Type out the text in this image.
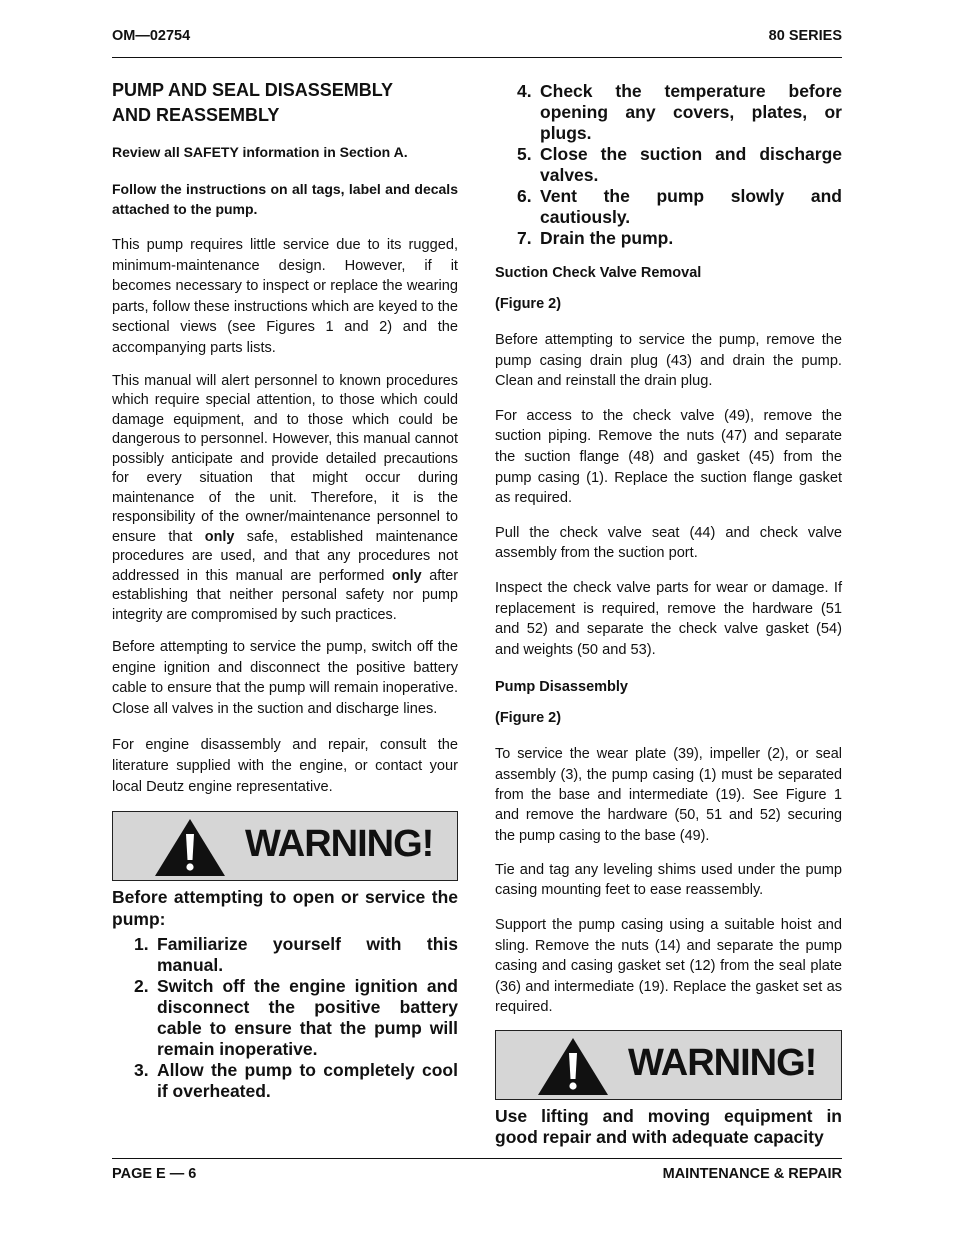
OM—02754	80 SERIES
PUMP AND SEAL DISASSEMBLY
AND REASSEMBLY

Review all SAFETY information in Section A.

Follow the instructions on all tags, label and decals attached to the pump.

This pump requires little service due to its rugged, minimum-maintenance design. However, if it becomes necessary to inspect or replace the wearing parts, follow these instructions which are keyed to the sectional views (see Figures 1 and 2) and the accompanying parts lists.

This manual will alert personnel to known procedures which require special attention, to those which could damage equipment, and to those which could be dangerous to personnel. However, this manual cannot possibly anticipate and provide detailed precautions for every situation that might occur during maintenance of the unit. Therefore, it is the responsibility of the owner/maintenance personnel to ensure that only safe, established maintenance procedures are used, and that any procedures not addressed in this manual are performed only after establishing that neither personal safety nor pump integrity are compromised by such practices.

Before attempting to service the pump, switch off the engine ignition and disconnect the positive battery cable to ensure that the pump will remain inoperative. Close all valves in the suction and discharge lines.

For engine disassembly and repair, consult the literature supplied with the engine, or contact your local Deutz engine representative.

WARNING!

Before attempting to open or service the pump:

1. Familiarize yourself with this manual.
2. Switch off the engine ignition and disconnect the positive battery cable to ensure that the pump will remain inoperative.
3. Allow the pump to completely cool if overheated.
4. Check the temperature before opening any covers, plates, or plugs.
5. Close the suction and discharge valves.
6. Vent the pump slowly and cautiously.
7. Drain the pump.
Suction Check Valve Removal
(Figure 2)

Before attempting to service the pump, remove the pump casing drain plug (43) and drain the pump. Clean and reinstall the drain plug.

For access to the check valve (49), remove the suction piping. Remove the nuts (47) and separate the suction flange (48) and gasket (45) from the pump casing (1). Replace the suction flange gasket as required.

Pull the check valve seat (44) and check valve assembly from the suction port.

Inspect the check valve parts for wear or damage. If replacement is required, remove the hardware (51 and 52) and separate the check valve gasket (54) and weights (50 and 53).

Pump Disassembly
(Figure 2)

To service the wear plate (39), impeller (2), or seal assembly (3), the pump casing (1) must be separated from the base and intermediate (19). See Figure 1 and remove the hardware (50, 51 and 52) securing the pump casing to the base (49).

Tie and tag any leveling shims used under the pump casing mounting feet to ease reassembly.

Support the pump casing using a suitable hoist and sling. Remove the nuts (14) and separate the pump casing and casing gasket set (12) from the seal plate (36) and intermediate (19). Replace the gasket set as required.

WARNING!

Use lifting and moving equipment in good repair and with adequate capacity

PAGE E — 6	MAINTENANCE & REPAIR
